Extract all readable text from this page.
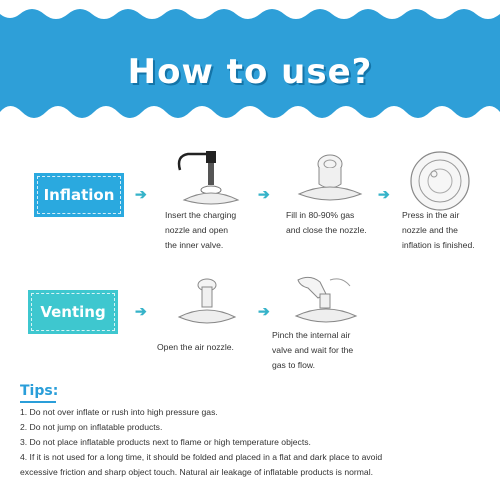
How to use?
Inflation	➔
Insert the charging
nozzle and open
the inner valve.
➔
Fill in 80-90% gas
and close the nozzle.
➔
Press in the air
nozzle and the
inflation is finished.
Venting	➔
Open the air nozzle.
➔
Pinch the internal air
valve and wait for the
gas to flow.
Tips:
1. Do not over inflate or rush into high pressure gas.
2. Do not jump on inflatable products.
3. Do not place inflatable products next to flame or high temperature objects.
4. If it is not used for a long time, it should be folded and placed in a flat and dark place to avoid
excessive friction and sharp object touch. Natural air leakage of inflatable products is normal.
